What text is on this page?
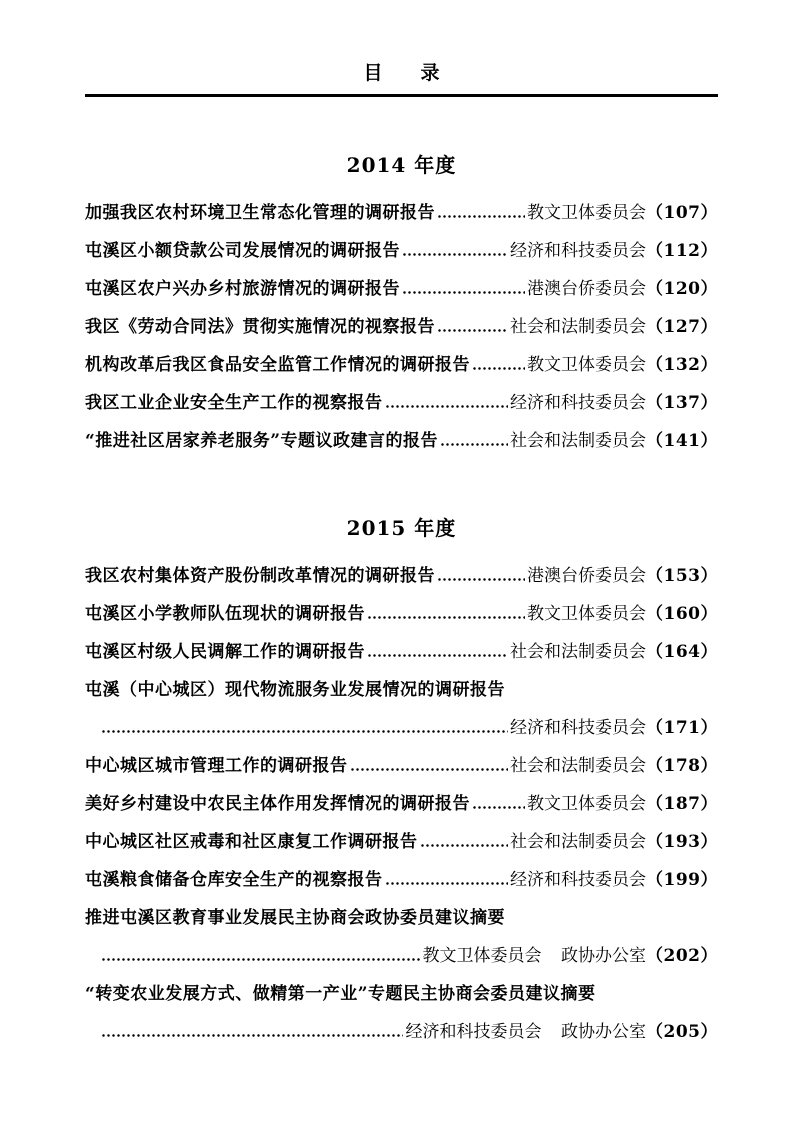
目　　录
2014 年度
加强我区农村环境卫生常态化管理的调研报告	教文卫体委员会 （107）
屯溪区小额贷款公司发展情况的调研报告	经济和科技委员会 （112）
屯溪区农户兴办乡村旅游情况的调研报告	港澳台侨委员会 （120）
我区《劳动合同法》贯彻实施情况的视察报告	社会和法制委员会 （127）
机构改革后我区食品安全监管工作情况的调研报告	教文卫体委员会 （132）
我区工业企业安全生产工作的视察报告	经济和科技委员会 （137）
“推进社区居家养老服务”专题议政建言的报告	社会和法制委员会 （141）
2015 年度
我区农村集体资产股份制改革情况的调研报告	港澳台侨委员会 （153）
屯溪区小学教师队伍现状的调研报告	教文卫体委员会 （160）
屯溪区村级人民调解工作的调研报告	社会和法制委员会 （164）
屯溪（中心城区）现代物流服务业发展情况的调研报告
经济和科技委员会 （171）
中心城区城市管理工作的调研报告	社会和法制委员会 （178）
美好乡村建设中农民主体作用发挥情况的调研报告	教文卫体委员会 （187）
中心城区社区戒毒和社区康复工作调研报告	社会和法制委员会 （193）
屯溪粮食储备仓库安全生产的视察报告	经济和科技委员会 （199）
推进屯溪区教育事业发展民主协商会政协委员建议摘要
教文卫体委员会 政协办公室 （202）
“转变农业发展方式、做精第一产业”专题民主协商会委员建议摘要
经济和科技委员会 政协办公室 （205）
